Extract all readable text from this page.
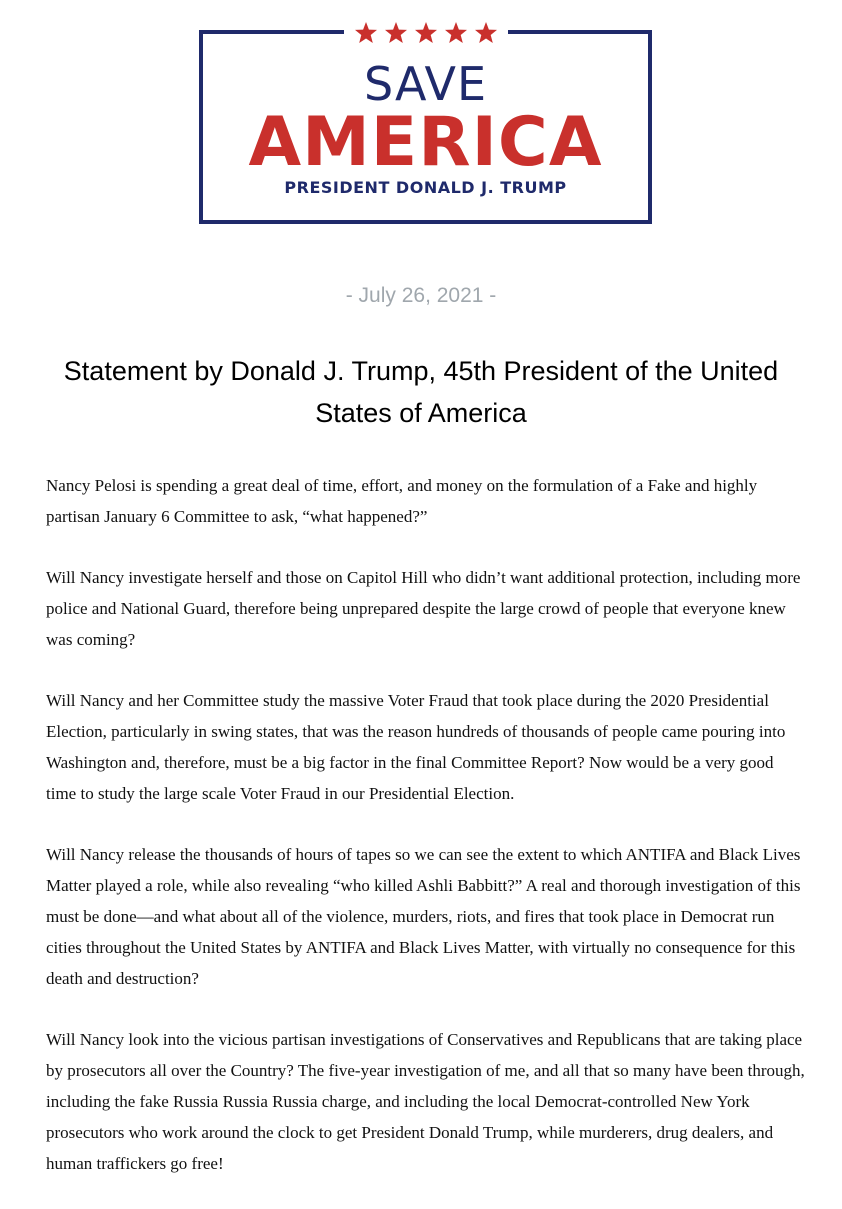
SAVE
AMERICA
PRESIDENT DONALD J. TRUMP
- July 26, 2021 -
Statement by Donald J. Trump, 45th President of the United States of America

Nancy Pelosi is spending a great deal of time, effort, and money on the formulation of a Fake and highly partisan January 6 Committee to ask, “what happened?”

Will Nancy investigate herself and those on Capitol Hill who didn’t want additional protection, including more police and National Guard, therefore being unprepared despite the large crowd of people that everyone knew was coming?

Will Nancy and her Committee study the massive Voter Fraud that took place during the 2020 Presidential Election, particularly in swing states, that was the reason hundreds of thousands of people came pouring into Washington and, therefore, must be a big factor in the final Committee Report? Now would be a very good time to study the large scale Voter Fraud in our Presidential Election.

Will Nancy release the thousands of hours of tapes so we can see the extent to which ANTIFA and Black Lives Matter played a role, while also revealing “who killed Ashli Babbitt?” A real and thorough investigation of this must be done—and what about all of the violence, murders, riots, and fires that took place in Democrat run cities throughout the United States by ANTIFA and Black Lives Matter, with virtually no consequence for this death and destruction?

Will Nancy look into the vicious partisan investigations of Conservatives and Republicans that are taking place by prosecutors all over the Country? The five-year investigation of me, and all that so many have been through, including the fake Russia Russia Russia charge, and including the local Democrat-controlled New York prosecutors who work around the clock to get President Donald Trump, while murderers, drug dealers, and human traffickers go free!
